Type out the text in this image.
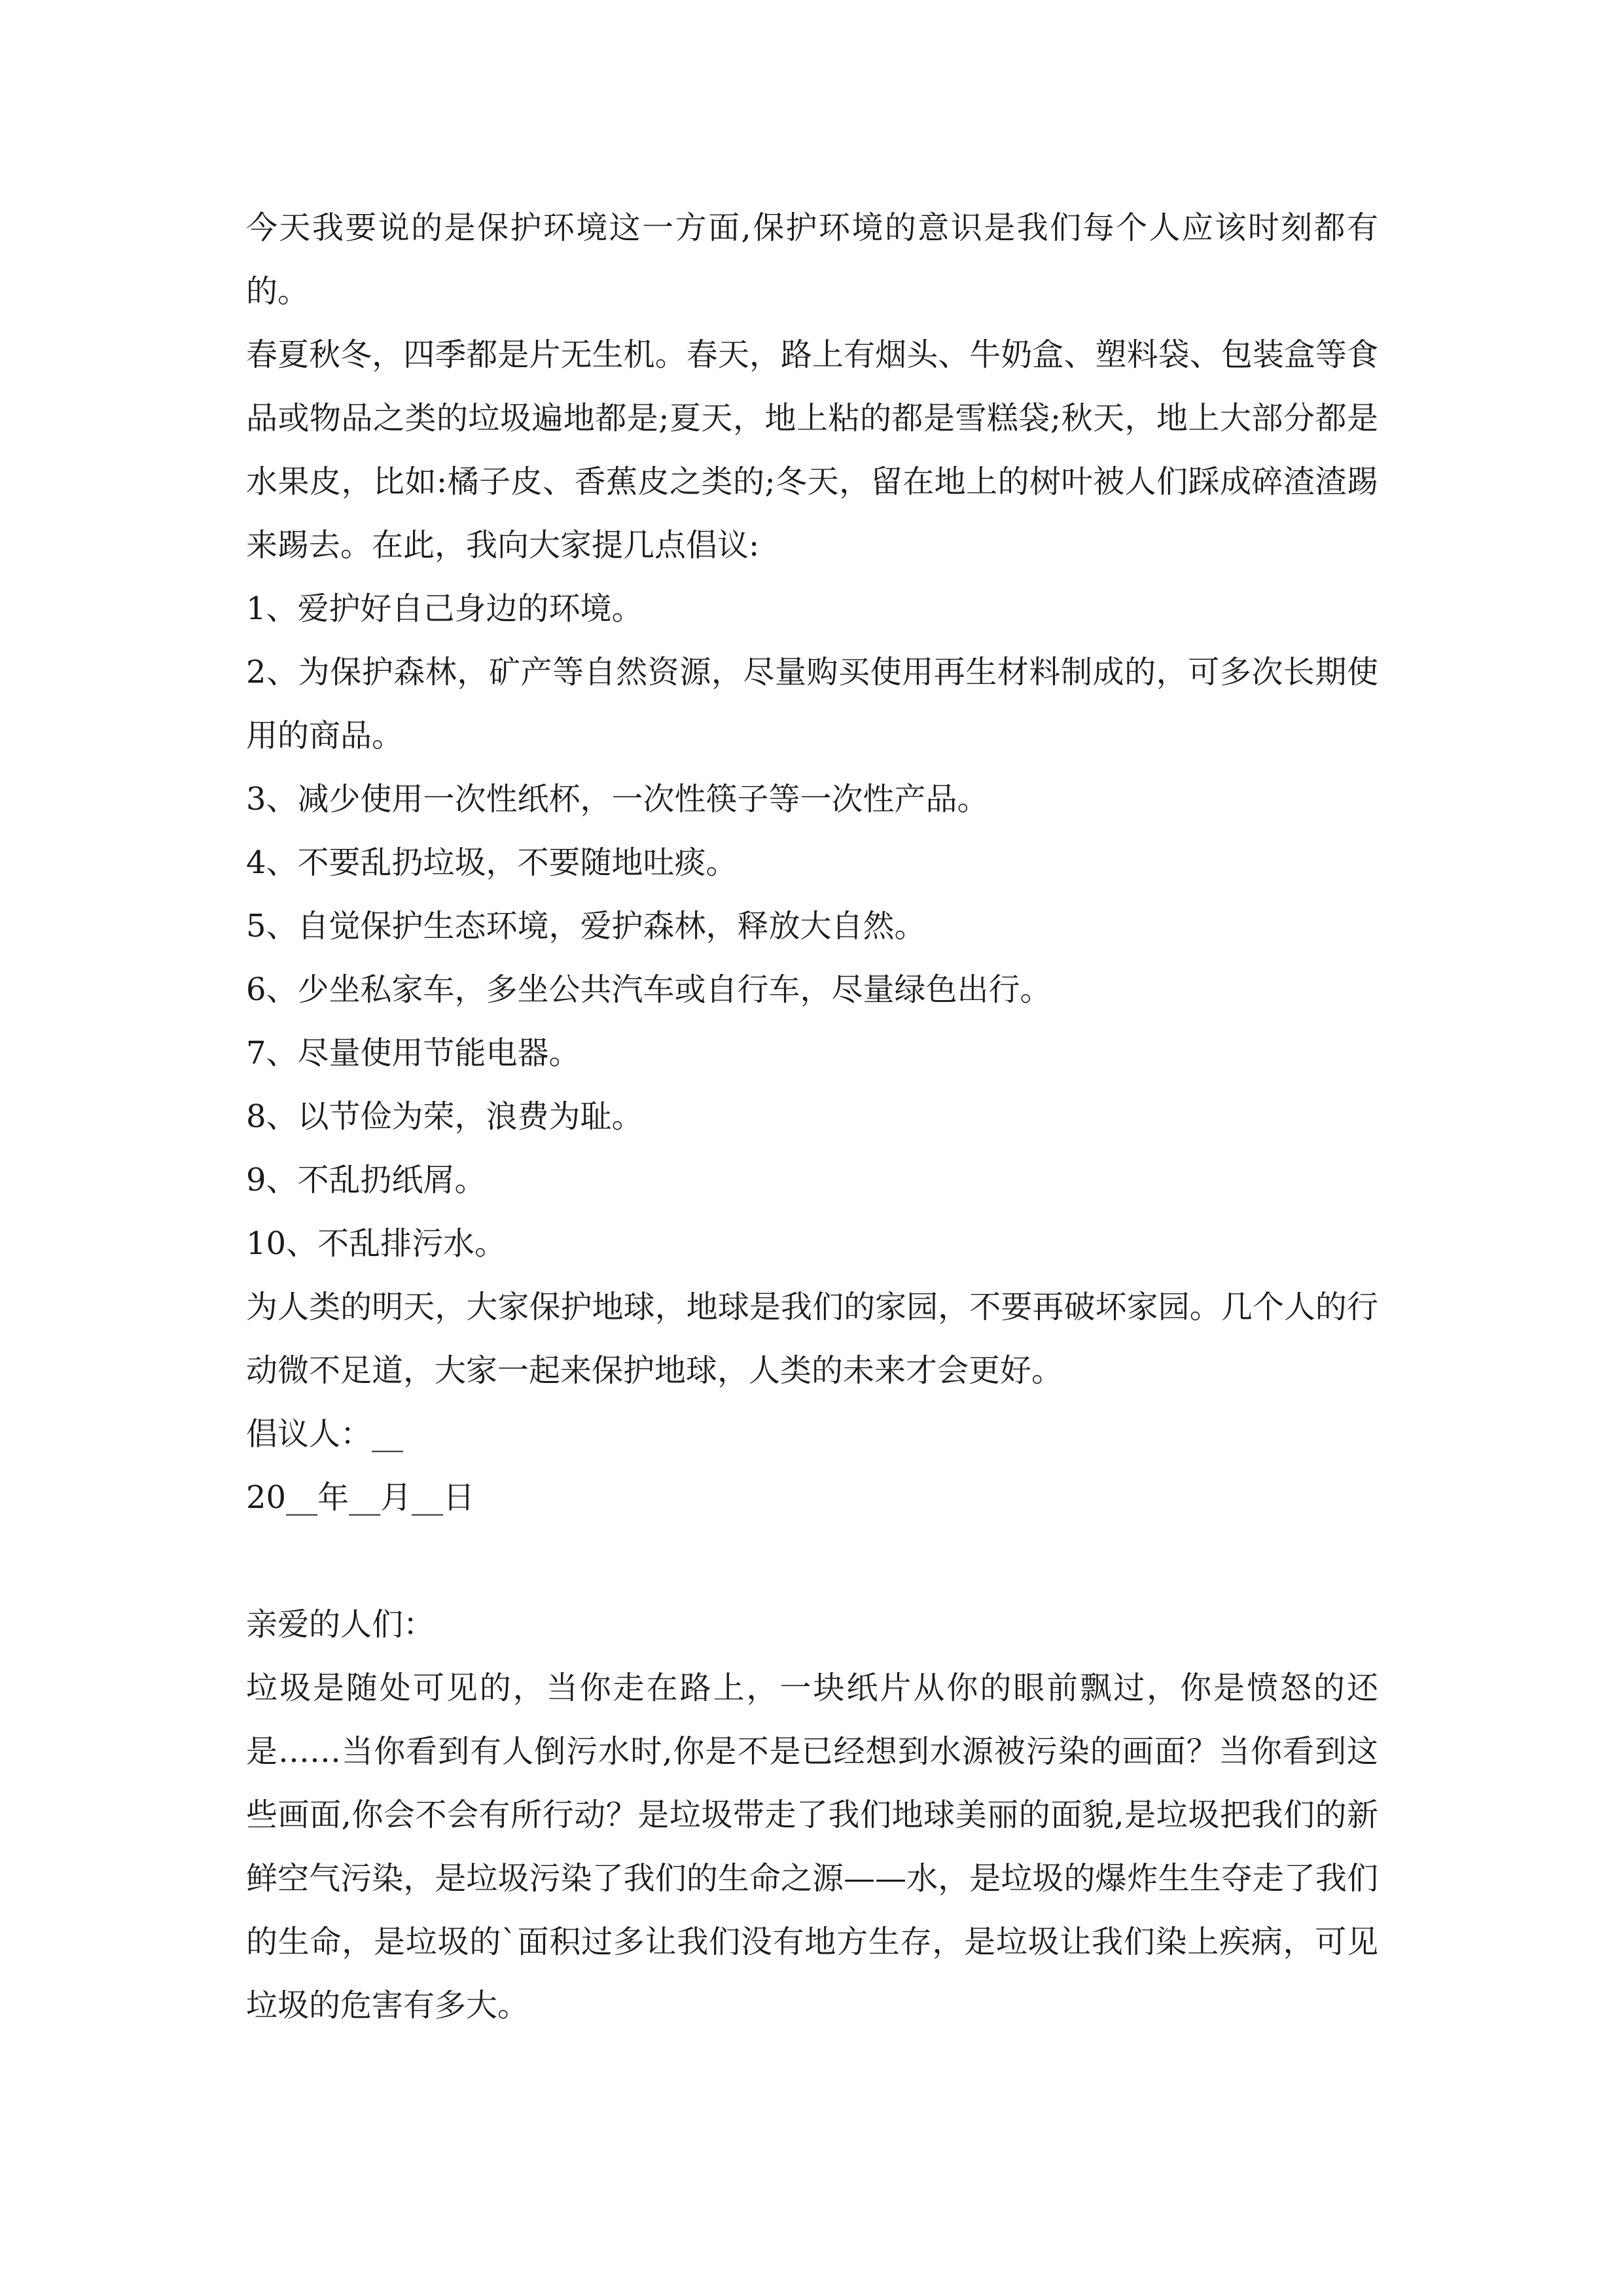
今天我要说的是保护环境这一方面,保护环境的意识是我们每个人应该时刻都有的。

春夏秋冬，四季都是片无生机。春天，路上有烟头、牛奶盒、塑料袋、包装盒等食品或物品之类的垃圾遍地都是;夏天，地上粘的都是雪糕袋;秋天，地上大部分都是水果皮，比如:橘子皮、香蕉皮之类的;冬天，留在地上的树叶被人们踩成碎渣渣踢来踢去。在此，我向大家提几点倡议:

1、爱护好自己身边的环境。

2、为保护森林，矿产等自然资源，尽量购买使用再生材料制成的，可多次长期使用的商品。

3、减少使用一次性纸杯，一次性筷子等一次性产品。

4、不要乱扔垃圾，不要随地吐痰。

5、自觉保护生态环境，爱护森林，释放大自然。

6、少坐私家车，多坐公共汽车或自行车，尽量绿色出行。

7、尽量使用节能电器。

8、以节俭为荣，浪费为耻。

9、不乱扔纸屑。

10、不乱排污水。

为人类的明天，大家保护地球，地球是我们的家园，不要再破坏家园。几个人的行动微不足道，大家一起来保护地球，人类的未来才会更好。

倡议人：__

20__年__月__日

亲爱的人们：

垃圾是随处可见的，当你走在路上，一块纸片从你的眼前飘过，你是愤怒的还是……当你看到有人倒污水时,你是不是已经想到水源被污染的画面？当你看到这些画面,你会不会有所行动？是垃圾带走了我们地球美丽的面貌,是垃圾把我们的新鲜空气污染，是垃圾污染了我们的生命之源——水，是垃圾的爆炸生生夺走了我们的生命，是垃圾的`面积过多让我们没有地方生存，是垃圾让我们染上疾病，可见垃圾的危害有多大。
